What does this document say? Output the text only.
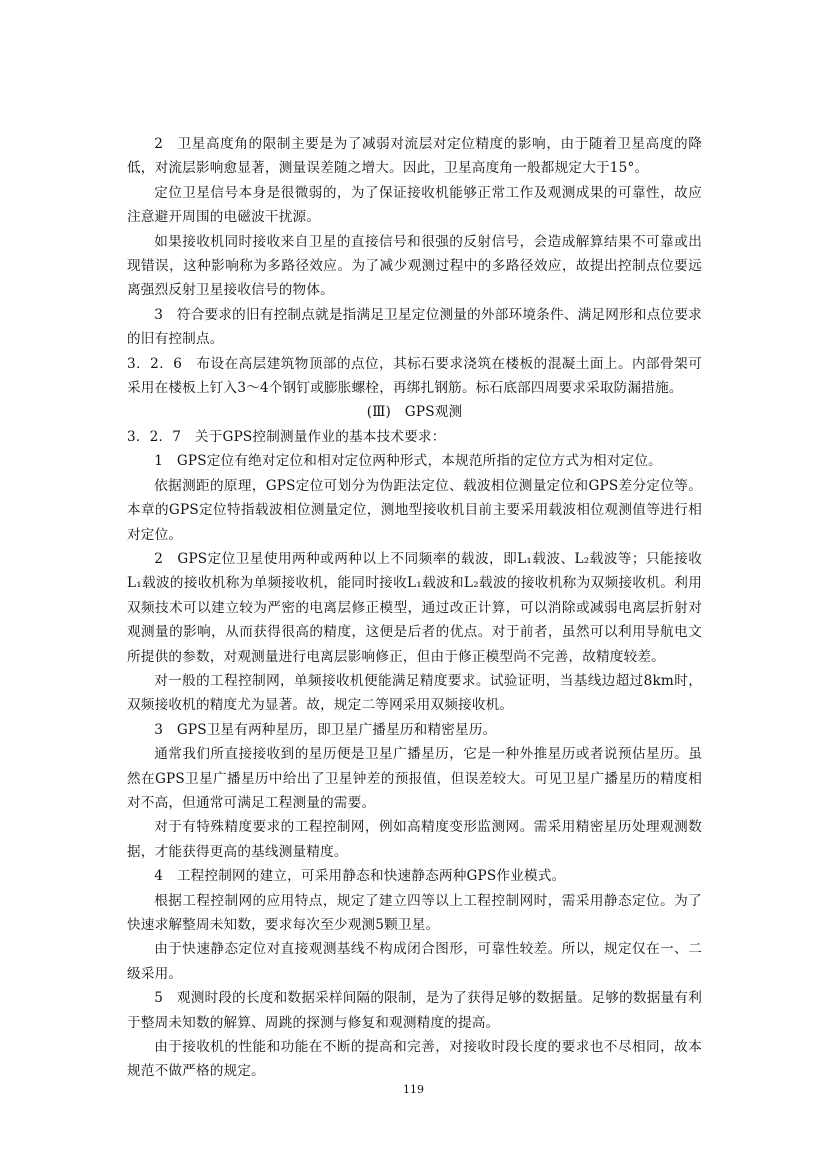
2　卫星高度角的限制主要是为了减弱对流层对定位精度的影响，由于随着卫星高度的降低，对流层影响愈显著，测量误差随之增大。因此，卫星高度角一般都规定大于15°。

定位卫星信号本身是很微弱的，为了保证接收机能够正常工作及观测成果的可靠性，故应注意避开周围的电磁波干扰源。

如果接收机同时接收来自卫星的直接信号和很强的反射信号，会造成解算结果不可靠或出现错误，这种影响称为多路径效应。为了减少观测过程中的多路径效应，故提出控制点位要远离强烈反射卫星接收信号的物体。

3　符合要求的旧有控制点就是指满足卫星定位测量的外部环境条件、满足网形和点位要求的旧有控制点。

3．2．6　布设在高层建筑物顶部的点位，其标石要求浇筑在楼板的混凝土面上。内部骨架可采用在楼板上钉入3～4个钢钉或膨胀螺栓，再绑扎钢筋。标石底部四周要求采取防漏措施。

(Ⅲ)　GPS观测

3．2．7　关于GPS控制测量作业的基本技术要求：

1　GPS定位有绝对定位和相对定位两种形式，本规范所指的定位方式为相对定位。

依据测距的原理，GPS定位可划分为伪距法定位、载波相位测量定位和GPS差分定位等。本章的GPS定位特指载波相位测量定位，测地型接收机目前主要采用载波相位观测值等进行相对定位。

2　GPS定位卫星使用两种或两种以上不同频率的载波，即L₁载波、L₂载波等；只能接收L₁载波的接收机称为单频接收机，能同时接收L₁载波和L₂载波的接收机称为双频接收机。利用双频技术可以建立较为严密的电离层修正模型，通过改正计算，可以消除或减弱电离层折射对观测量的影响，从而获得很高的精度，这便是后者的优点。对于前者，虽然可以利用导航电文所提供的参数，对观测量进行电离层影响修正，但由于修正模型尚不完善，故精度较差。

对一般的工程控制网，单频接收机便能满足精度要求。试验证明，当基线边超过8km时，双频接收机的精度尤为显著。故，规定二等网采用双频接收机。

3　GPS卫星有两种星历，即卫星广播星历和精密星历。

通常我们所直接接收到的星历便是卫星广播星历，它是一种外推星历或者说预估星历。虽然在GPS卫星广播星历中给出了卫星钟差的预报值，但误差较大。可见卫星广播星历的精度相对不高，但通常可满足工程测量的需要。

对于有特殊精度要求的工程控制网，例如高精度变形监测网。需采用精密星历处理观测数据，才能获得更高的基线测量精度。

4　工程控制网的建立，可采用静态和快速静态两种GPS作业模式。

根据工程控制网的应用特点，规定了建立四等以上工程控制网时，需采用静态定位。为了快速求解整周未知数，要求每次至少观测5颗卫星。

由于快速静态定位对直接观测基线不构成闭合图形，可靠性较差。所以，规定仅在一、二级采用。

5　观测时段的长度和数据采样间隔的限制，是为了获得足够的数据量。足够的数据量有利于整周未知数的解算、周跳的探测与修复和观测精度的提高。

由于接收机的性能和功能在不断的提高和完善，对接收时段长度的要求也不尽相同，故本规范不做严格的规定。

119
